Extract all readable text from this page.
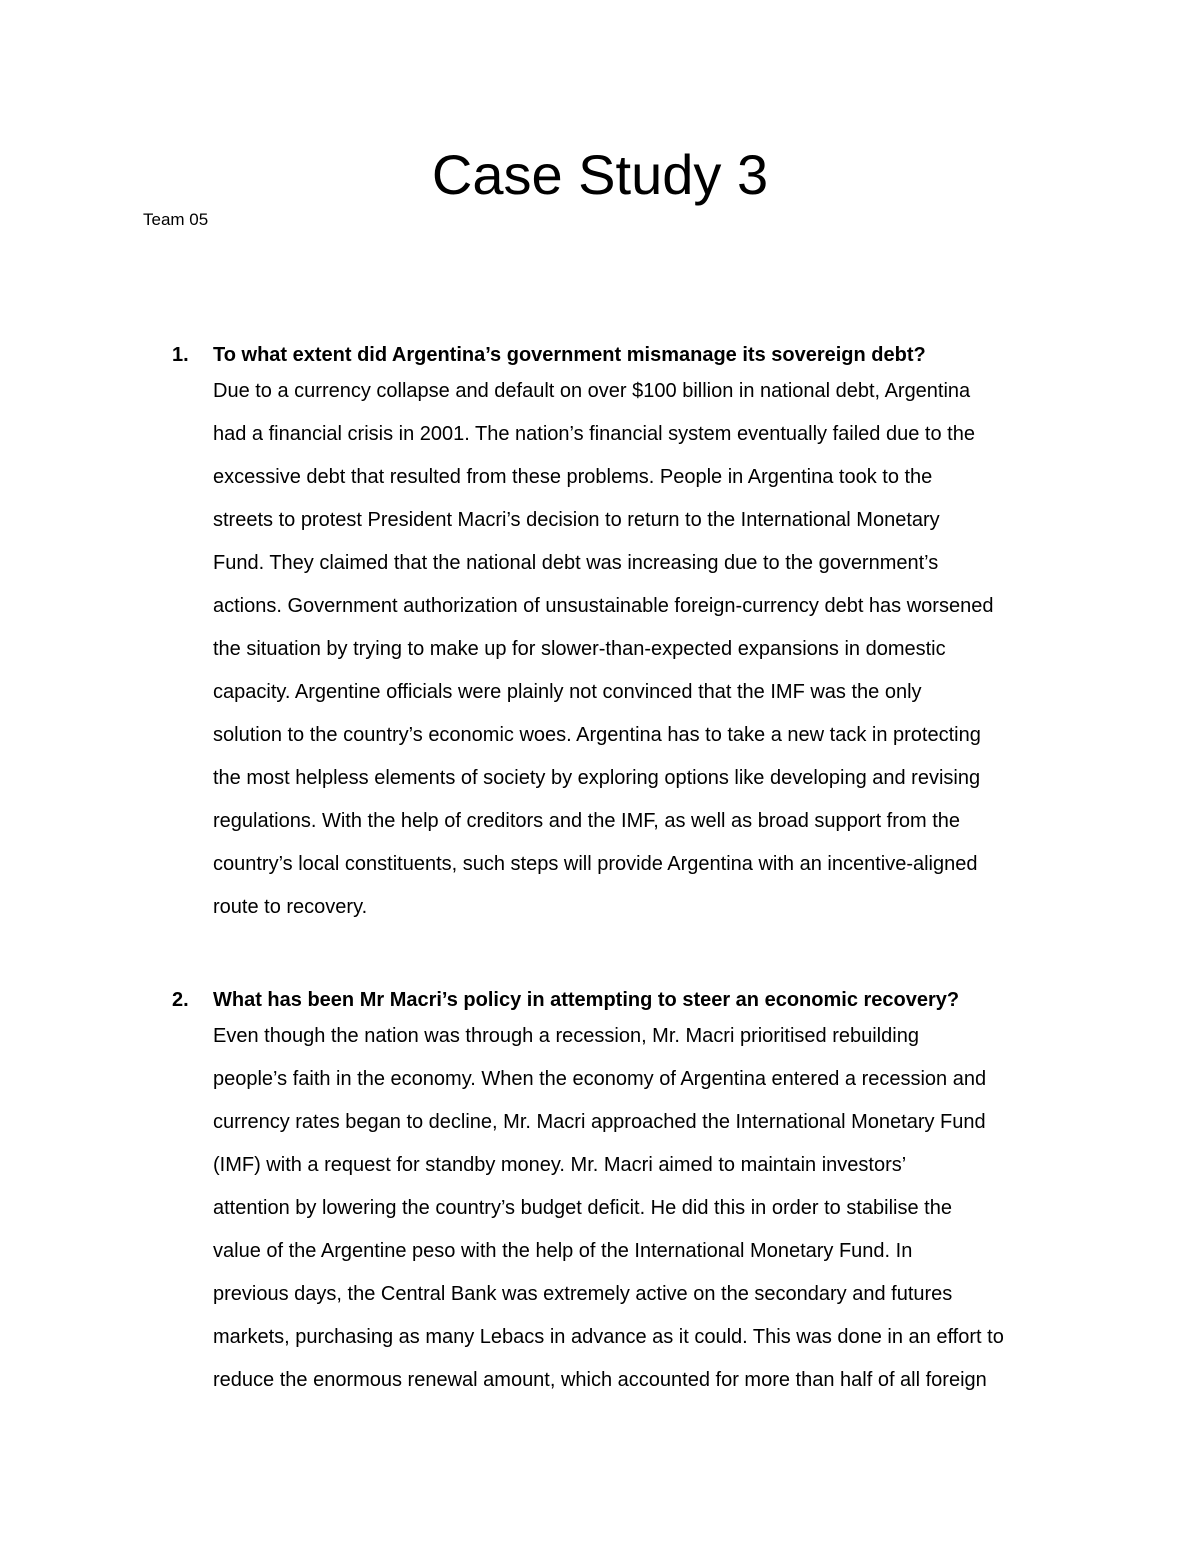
Case Study 3
Team 05
1. To what extent did Argentina’s government mismanage its sovereign debt?
Due to a currency collapse and default on over $100 billion in national debt, Argentina
had a financial crisis in 2001. The nation’s financial system eventually failed due to the
excessive debt that resulted from these problems. People in Argentina took to the
streets to protest President Macri’s decision to return to the International Monetary
Fund. They claimed that the national debt was increasing due to the government’s
actions. Government authorization of unsustainable foreign-currency debt has worsened
the situation by trying to make up for slower-than-expected expansions in domestic
capacity. Argentine officials were plainly not convinced that the IMF was the only
solution to the country’s economic woes. Argentina has to take a new tack in protecting
the most helpless elements of society by exploring options like developing and revising
regulations. With the help of creditors and the IMF, as well as broad support from the
country’s local constituents, such steps will provide Argentina with an incentive-aligned
route to recovery.
2. What has been Mr Macri’s policy in attempting to steer an economic recovery?
Even though the nation was through a recession, Mr. Macri prioritised rebuilding
people’s faith in the economy. When the economy of Argentina entered a recession and
currency rates began to decline, Mr. Macri approached the International Monetary Fund
(IMF) with a request for standby money. Mr. Macri aimed to maintain investors’
attention by lowering the country’s budget deficit. He did this in order to stabilise the
value of the Argentine peso with the help of the International Monetary Fund. In
previous days, the Central Bank was extremely active on the secondary and futures
markets, purchasing as many Lebacs in advance as it could. This was done in an effort to
reduce the enormous renewal amount, which accounted for more than half of all foreign
